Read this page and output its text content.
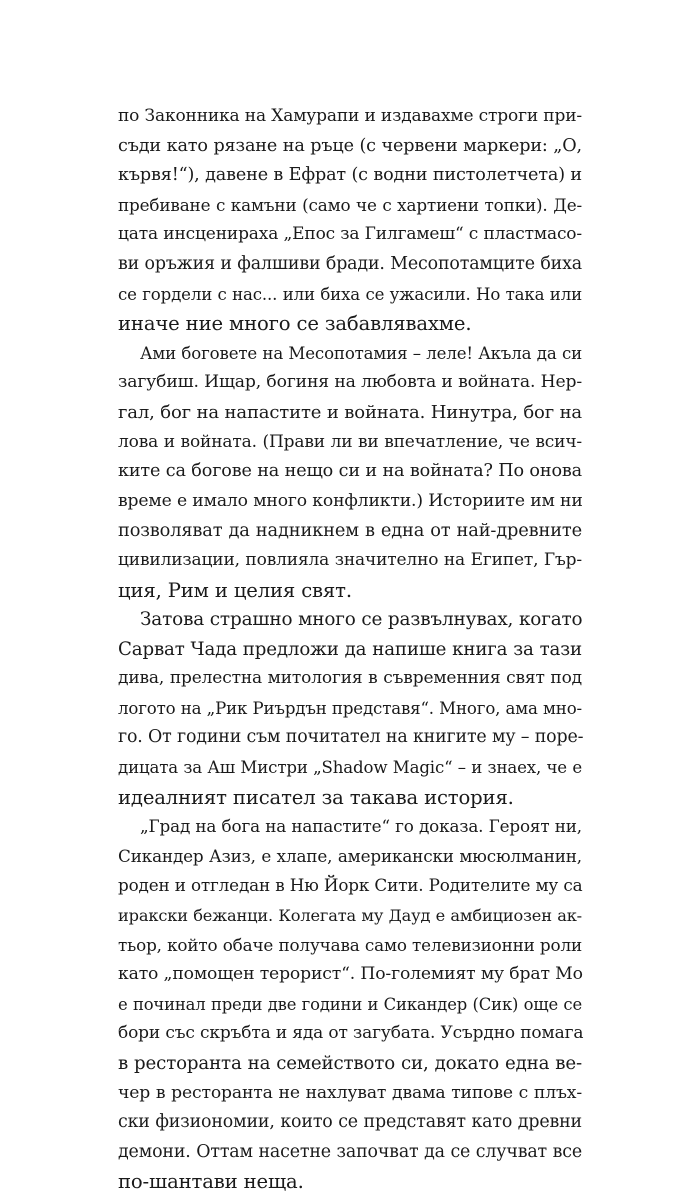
по Законника на Хамурапи и издавахме строги при-
съди като рязане на ръце (с червени маркери: „О,
кървя!“), давене в Ефрат (с водни пистолетчета) и
пребиване с камъни (само че с хартиени топки). Де-
цата инсценираха „Епос за Гилгамеш“ с пластмасо-
ви оръжия и фалшиви бради. Месопотамците биха
се гордели с нас... или биха се ужасили. Но така или
иначе ние много се забавлявахме.

Ами боговете на Месопотамия – леле! Акъла да си
загубиш. Ищар, богиня на любовта и войната. Нер-
гал, бог на напастите и войната. Нинутра, бог на
лова и войната. (Прави ли ви впечатление, че всич-
ките са богове на нещо си и на войната? По онова
време е имало много конфликти.) Историите им ни
позволяват да надникнем в една от най-древните
цивилизации, повлияла значително на Египет, Гър-
ция, Рим и целия свят.

Затова страшно много се развълнувах, когато
Сарват Чада предложи да напише книга за тази
дива, прелестна митология в съвременния свят под
логото на „Рик Риърдън представя“. Много, ама мно-
го. От години съм почитател на книгите му – поре-
дицата за Аш Мистри „Shadow Magic“ – и знаех, че е
идеалният писател за такава история.

„Град на бога на напастите“ го доказа. Героят ни,
Сикандер Азиз, е хлапе, американски мюсюлманин,
роден и отгледан в Ню Йорк Сити. Родителите му са
иракски бежанци. Колегата му Дауд е амбициозен ак-
тьор, който обаче получава само телевизионни роли
като „помощен терорист“. По-големият му брат Мо
е починал преди две години и Сикандер (Сик) още се
бори със скръбта и яда от загубата. Усърдно помага
в ресторанта на семейството си, докато една ве-
чер в ресторанта не нахлуват двама типове с плъх-
ски физиономии, които се представят като древни
демони. Оттам насетне започват да се случват все
по-шантави неща.
